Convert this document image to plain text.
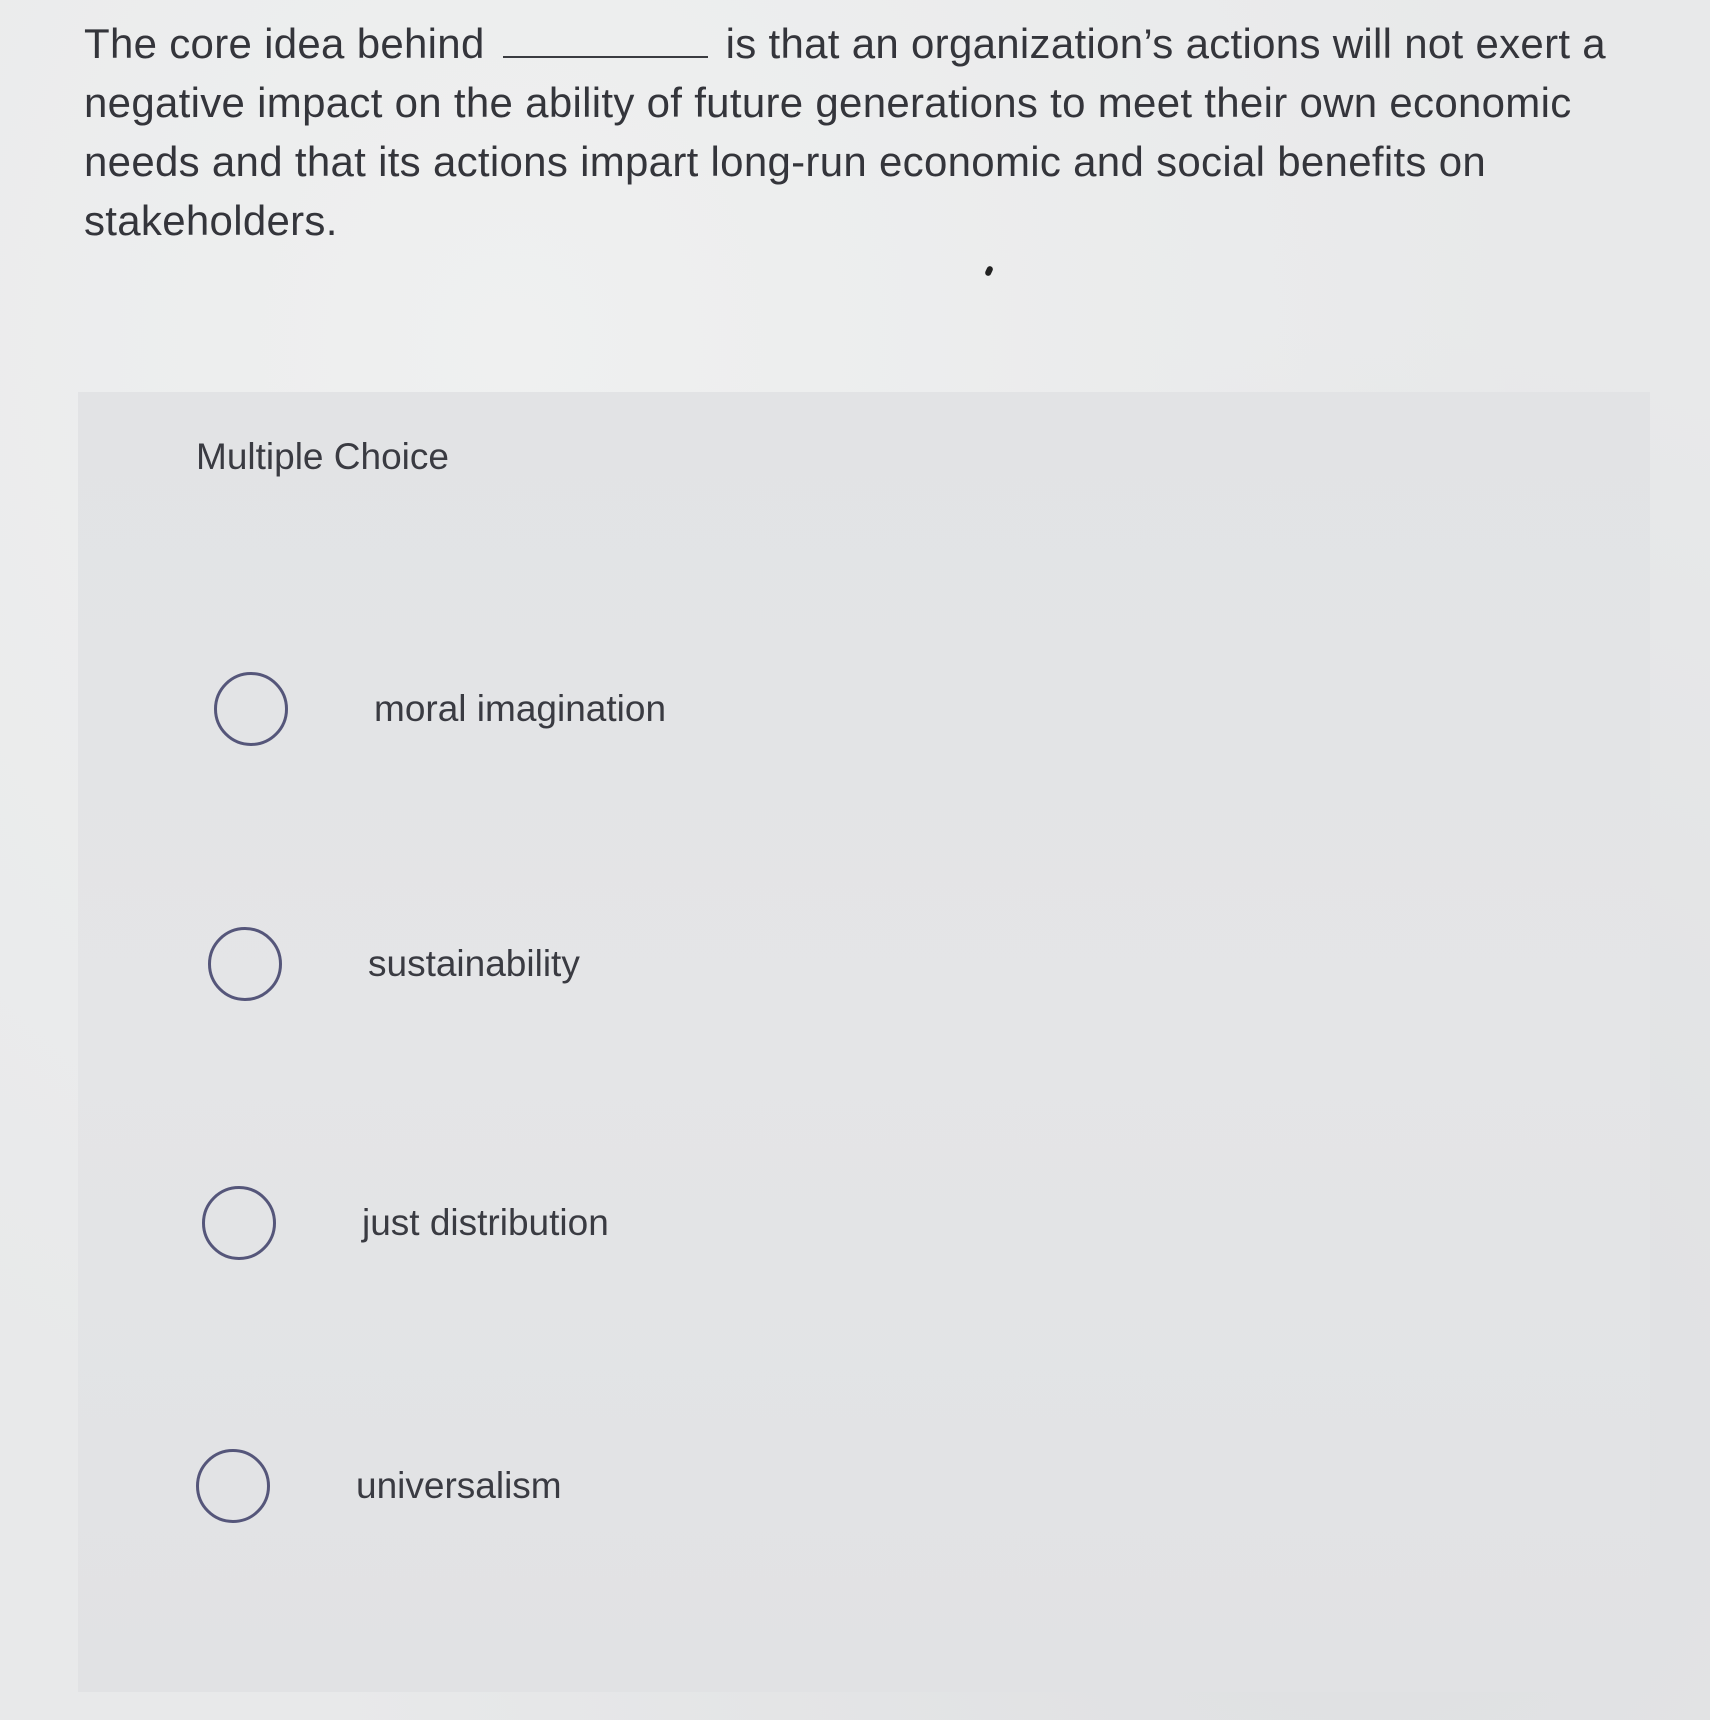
The core idea behind	is that an organization’s actions will not exert a negative impact on the ability of future generations to meet their own economic needs and that its actions impart long-run economic and social benefits on stakeholders.

Multiple Choice
moral imagination
sustainability
just distribution
universalism
